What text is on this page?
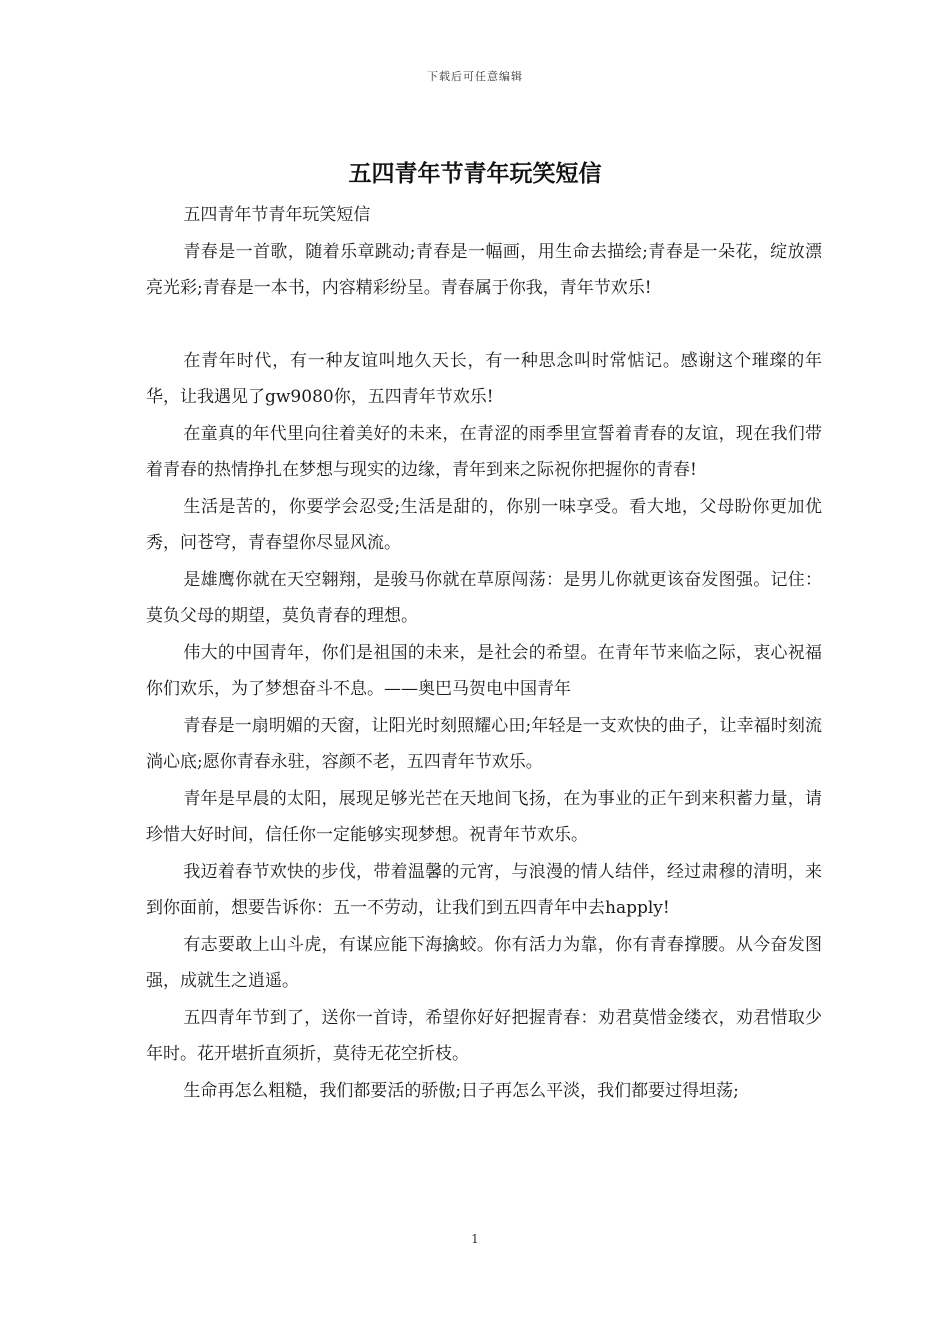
下载后可任意编辑
五四青年节青年玩笑短信

五四青年节青年玩笑短信

青春是一首歌，随着乐章跳动;青春是一幅画，用生命去描绘;青春是一朵花，绽放漂亮光彩;青春是一本书，内容精彩纷呈。青春属于你我，青年节欢乐!

在青年时代，有一种友谊叫地久天长，有一种思念叫时常惦记。感谢这个璀璨的年华，让我遇见了gw9080你，五四青年节欢乐!

在童真的年代里向往着美好的未来，在青涩的雨季里宣誓着青春的友谊，现在我们带着青春的热情挣扎在梦想与现实的边缘，青年到来之际祝你把握你的青春!

生活是苦的，你要学会忍受;生活是甜的，你别一味享受。看大地，父母盼你更加优秀，问苍穹，青春望你尽显风流。

是雄鹰你就在天空翱翔，是骏马你就在草原闯荡：是男儿你就更该奋发图强。记住：莫负父母的期望，莫负青春的理想。

伟大的中国青年，你们是祖国的未来，是社会的希望。在青年节来临之际，衷心祝福你们欢乐，为了梦想奋斗不息。——奥巴马贺电中国青年

青春是一扇明媚的天窗，让阳光时刻照耀心田;年轻是一支欢快的曲子，让幸福时刻流淌心底;愿你青春永驻，容颜不老，五四青年节欢乐。

青年是早晨的太阳，展现足够光芒在天地间飞扬，在为事业的正午到来积蓄力量，请珍惜大好时间，信任你一定能够实现梦想。祝青年节欢乐。

我迈着春节欢快的步伐，带着温馨的元宵，与浪漫的情人结伴，经过肃穆的清明，来到你面前，想要告诉你：五一不劳动，让我们到五四青年中去happly!

有志要敢上山斗虎，有谋应能下海擒蛟。你有活力为靠，你有青春撑腰。从今奋发图强，成就生之逍遥。

五四青年节到了，送你一首诗，希望你好好把握青春：劝君莫惜金缕衣，劝君惜取少年时。花开堪折直须折，莫待无花空折枝。

生命再怎么粗糙，我们都要活的骄傲;日子再怎么平淡，我们都要过得坦荡;

1
